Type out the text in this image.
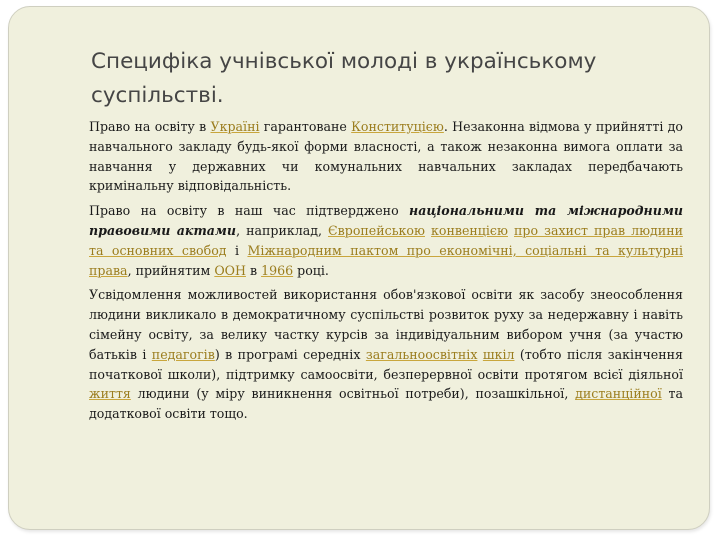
Специфіка учнівської молоді в українському суспільстві.

Право на освіту в Україні гарантоване Конституцією. Незаконна відмова у прийнятті до навчального закладу будь-якої форми власності, а також незаконна вимога оплати за навчання у державних чи комунальних навчальних закладах передбачають кримінальну відповідальність.

Право на освіту в наш час підтверджено національними та міжнародними правовими актами, наприклад, Європейською конвенцією про захист прав людини та основних свобод і Міжнародним пактом про економічні, соціальні та культурні права, прийнятим ООН в 1966 році.

Усвідомлення можливостей використання обов'язкової освіти як засобу знеособлення людини викликало в демократичному суспільстві розвиток руху за недержавну і навіть сімейну освіту, за велику частку курсів за індивідуальним вибором учня (за участю батьків і педагогів) в програмі середніх загальноосвітніх шкіл (тобто після закінчення початкової школи), підтримку самоосвіти, безперервної освіти протягом всієї діяльної життя людини (у міру виникнення освітньої потреби), позашкільної, дистанційної та додаткової освіти тощо.
